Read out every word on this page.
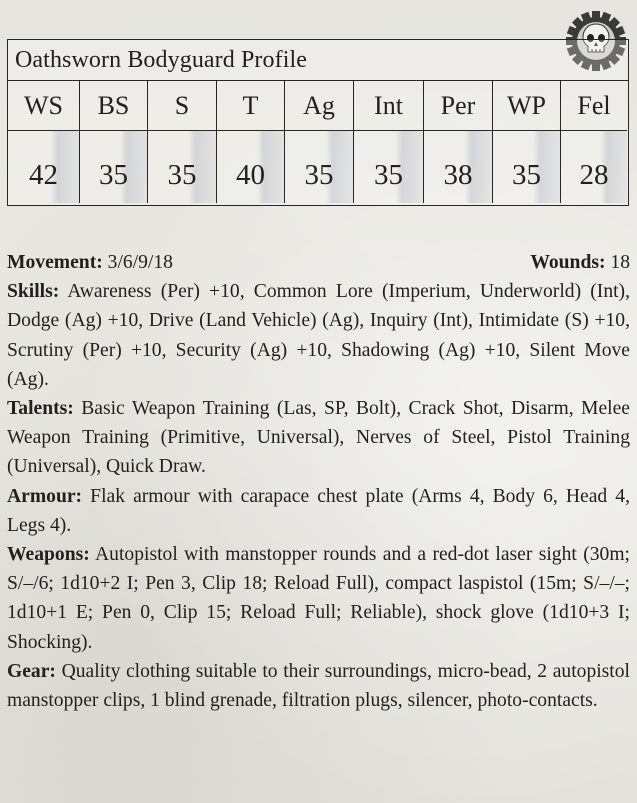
Oathsworn Bodyguard Profile
WS
42
BS
35
S
35
T
40
Ag
35
Int
35
Per
38
WP
35
Fel
28
Movement: 3/6/9/18	Wounds: 18

Skills: Awareness (Per) +10, Common Lore (Imperium, Underworld) (Int), Dodge (Ag) +10, Drive (Land Vehicle) (Ag), Inquiry (Int), Intimidate (S) +10, Scrutiny (Per) +10, Security (Ag) +10, Shadowing (Ag) +10, Silent Move (Ag).

Talents: Basic Weapon Training (Las, SP, Bolt), Crack Shot, Disarm, Melee Weapon Training (Primitive, Universal), Nerves of Steel, Pistol Training (Universal), Quick Draw.

Armour: Flak armour with carapace chest plate (Arms 4, Body 6, Head 4, Legs 4).

Weapons: Autopistol with manstopper rounds and a red-dot laser sight (30m; S/–/6; 1d10+2 I; Pen 3, Clip 18; Reload Full), compact laspistol (15m; S/–/–; 1d10+1 E; Pen 0, Clip 15; Reload Full; Reliable), shock glove (1d10+3 I; Shocking).

Gear: Quality clothing suitable to their surroundings, micro-bead, 2 autopistol manstopper clips, 1 blind grenade, filtration plugs, silencer, photo-contacts.
